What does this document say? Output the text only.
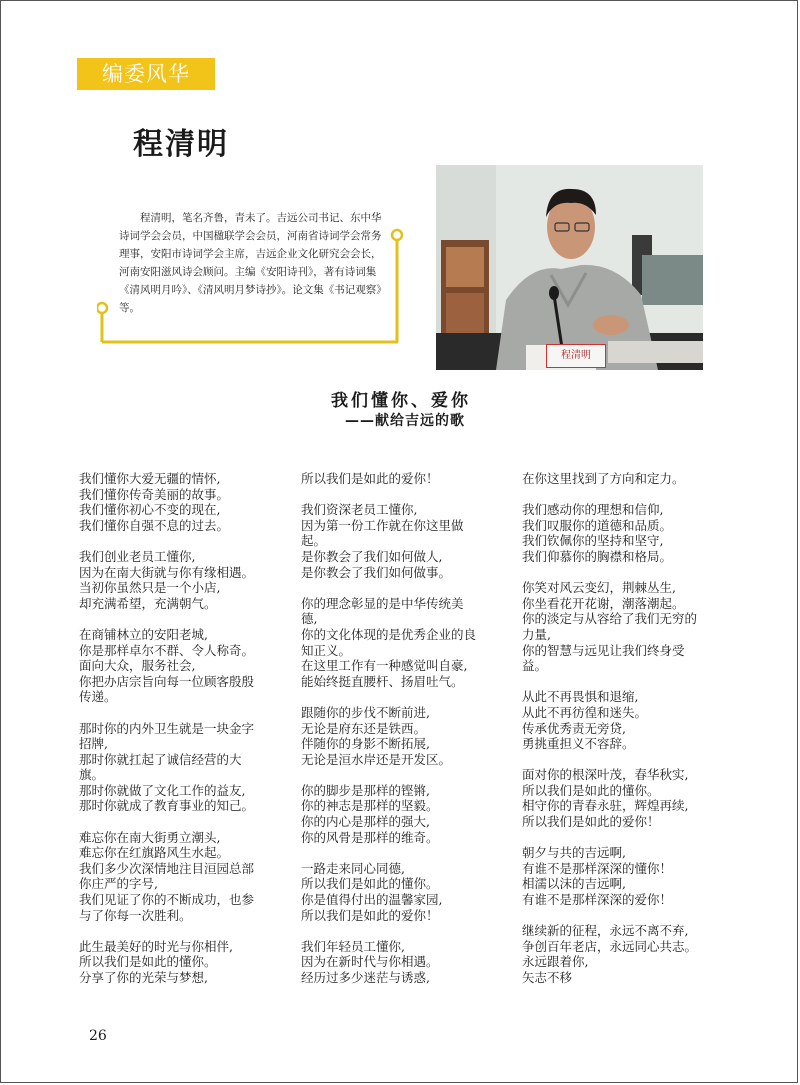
编委风华
程清明
程清明，笔名齐鲁，青未了。吉远公司书记、东中华诗词学会会员，中国楹联学会会员，河南省诗词学会常务理事，安阳市诗词学会主席，吉远企业文化研究会会长，河南安阳滋风诗会顾问。主编《安阳诗刊》，著有诗词集《清风明月吟》、《清风明月梦诗抄》。论文集《书记观察》等。
程清明
我们懂你、爱你
——献给吉远的歌
我们懂你大爱无疆的情怀,
我们懂你传奇美丽的故事。
我们懂你初心不变的现在,
我们懂你自强不息的过去。
我们创业老员工懂你,
因为在南大街就与你有缘相遇。
当初你虽然只是一个小店,
却充满希望，充满朝气。
在商铺林立的安阳老城,
你是那样卓尔不群、令人称奇。
面向大众，服务社会,
你把办店宗旨向每一位顾客殷殷
传递。
那时你的内外卫生就是一块金字
招牌,
那时你就扛起了诚信经营的大
旗。
那时你就做了文化工作的益友,
那时你就成了教育事业的知己。
难忘你在南大街勇立潮头,
难忘你在红旗路风生水起。
我们多少次深情地注目洹园总部
你庄严的字号,
我们见证了你的不断成功，也参
与了你每一次胜利。
此生最美好的时光与你相伴,
所以我们是如此的懂你。
分享了你的光荣与梦想,
所以我们是如此的爱你！
我们资深老员工懂你,
因为第一份工作就在你这里做
起。
是你教会了我们如何做人,
是你教会了我们如何做事。
你的理念彰显的是中华传统美
德,
你的文化体现的是优秀企业的良
知正义。
在这里工作有一种感觉叫自豪,
能始终挺直腰杆、扬眉吐气。
跟随你的步伐不断前进,
无论是府东还是铁西。
伴随你的身影不断拓展,
无论是洹水岸还是开发区。
你的脚步是那样的铿锵,
你的神志是那样的坚毅。
你的内心是那样的强大,
你的风骨是那样的维奇。
一路走来同心同德,
所以我们是如此的懂你。
你是值得付出的温馨家园,
所以我们是如此的爱你！
我们年轻员工懂你,
因为在新时代与你相遇。
经历过多少迷茫与诱惑,
在你这里找到了方向和定力。
我们感动你的理想和信仰,
我们叹服你的道德和品质。
我们钦佩你的坚持和坚守,
我们仰慕你的胸襟和格局。
你笑对风云变幻，荆棘丛生,
你坐看花开花谢，潮落潮起。
你的淡定与从容给了我们无穷的
力量,
你的智慧与远见让我们终身受
益。
从此不再畏惧和退缩,
从此不再彷徨和迷失。
传承优秀责无旁贷,
勇挑重担义不容辞。
面对你的根深叶茂，春华秋实,
所以我们是如此的懂你。
相守你的青春永驻，辉煌再续,
所以我们是如此的爱你！
朝夕与共的吉远啊,
有谁不是那样深深的懂你！
相濡以沫的吉远啊,
有谁不是那样深深的爱你！
继续新的征程，永远不离不弃,
争创百年老店，永远同心共志。
永远跟着你,
矢志不移
26
